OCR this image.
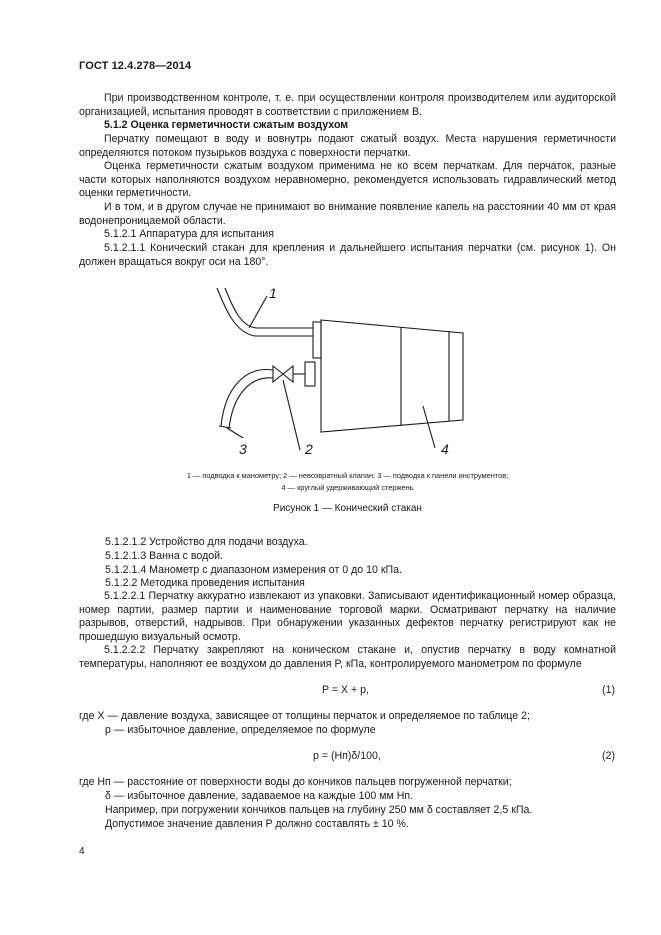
ГОСТ 12.4.278—2014
При производственном контроле, т. е. при осуществлении контроля производителем или аудиторской организацией, испытания проводят в соответствии с приложением В.
5.1.2 Оценка герметичности сжатым воздухом
Перчатку помещают в воду и вовнутрь подают сжатый воздух. Места нарушения герметичности определяются потоком пузырьков воздуха с поверхности перчатки.
Оценка герметичности сжатым воздухом применима не ко всем перчаткам. Для перчаток, разные части которых наполняются воздухом неравномерно, рекомендуется использовать гидравлический метод оценки герметичности.
И в том, и в другом случае не принимают во внимание появление капель на расстоянии 40 мм от края водонепроницаемой области.
5.1.2.1 Аппаратура для испытания
5.1.2.1.1 Конический стакан для крепления и дальнейшего испытания перчатки (см. рисунок 1). Он должен вращаться вокруг оси на 180°.
1
2
3	4
1 — подводка к манометру; 2 — невозвратный клапан; 3 — подводка к панели инструментов;
4 — круглый удерживающий стержень
Рисунок 1 — Конический стакан
5.1.2.1.2 Устройство для подачи воздуха.
5.1.2.1.3 Ванна с водой.
5.1.2.1.4 Манометр с диапазоном измерения от 0 до 10 кПа.
5.1.2.2 Методика проведения испытания
5.1.2.2.1 Перчатку аккуратно извлекают из упаковки. Записывают идентификационный номер образца, номер партии, размер партии и наименование торговой марки. Осматривают перчатку на наличие разрывов, отверстий, надрывов. При обнаружении указанных дефектов перчатку регистрируют как не прошедшую визуальный осмотр.
5.1.2.2.2 Перчатку закрепляют на коническом стакане и, опустив перчатку в воду комнатной температуры, наполняют ее воздухом до давления P, кПа, контролируемого манометром по формуле
P = X + p,	(1)
где X — давление воздуха, зависящее от толщины перчаток и определяемое по таблице 2;
p — избыточное давление, определяемое по формуле
p = (Hп)δ/100,	(2)
где Hп — расстояние от поверхности воды до кончиков пальцев погруженной перчатки;
δ — избыточное давление, задаваемое на каждые 100 мм Hп.
Например, при погружении кончиков пальцев на глубину 250 мм δ составляет 2,5 кПа.
Допустимое значение давления P должно составлять ± 10 %.
4
